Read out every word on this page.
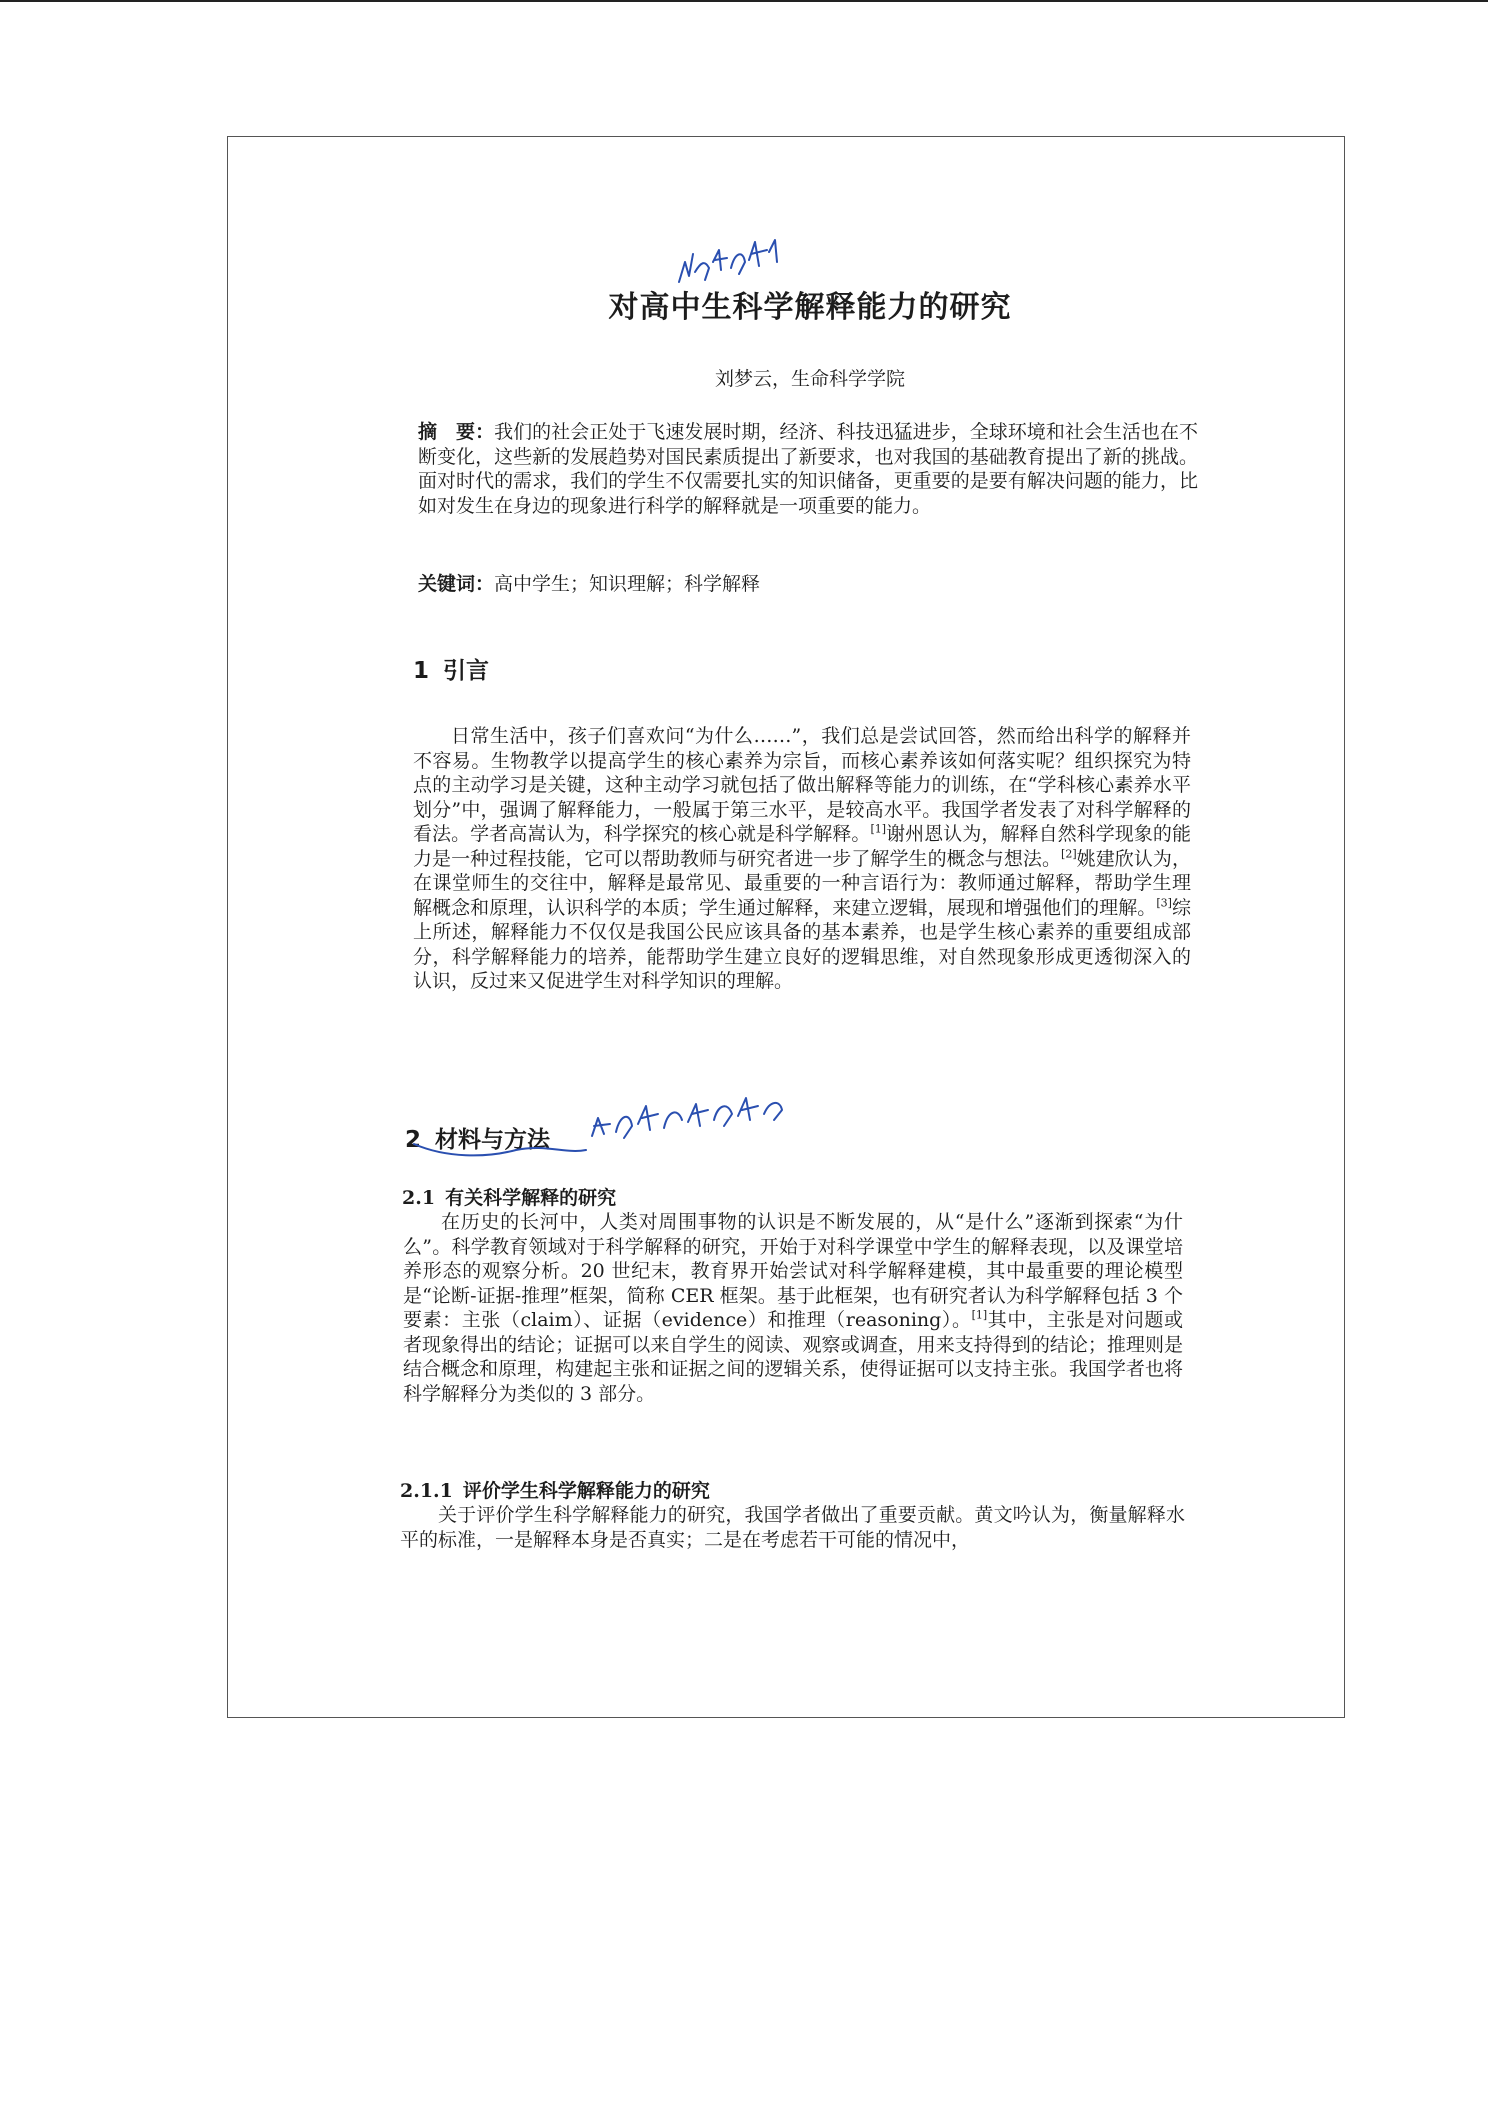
对高中生科学解释能力的研究
刘梦云，生命科学学院
摘　要：我们的社会正处于飞速发展时期，经济、科技迅猛进步，全球环境和社会生活也在不断变化，这些新的发展趋势对国民素质提出了新要求，也对我国的基础教育提出了新的挑战。面对时代的需求，我们的学生不仅需要扎实的知识储备，更重要的是要有解决问题的能力，比如对发生在身边的现象进行科学的解释就是一项重要的能力。
关键词：高中学生；知识理解；科学解释
1 引言
日常生活中，孩子们喜欢问“为什么……”，我们总是尝试回答，然而给出科学的解释并不容易。生物教学以提高学生的核心素养为宗旨，而核心素养该如何落实呢？组织探究为特点的主动学习是关键，这种主动学习就包括了做出解释等能力的训练，在“学科核心素养水平划分”中，强调了解释能力，一般属于第三水平，是较高水平。我国学者发表了对科学解释的看法。学者高嵩认为，科学探究的核心就是科学解释。[1]谢州恩认为，解释自然科学现象的能力是一种过程技能，它可以帮助教师与研究者进一步了解学生的概念与想法。[2]姚建欣认为，在课堂师生的交往中，解释是最常见、最重要的一种言语行为：教师通过解释，帮助学生理解概念和原理，认识科学的本质；学生通过解释，来建立逻辑，展现和增强他们的理解。[3]综上所述，解释能力不仅仅是我国公民应该具备的基本素养，也是学生核心素养的重要组成部分，科学解释能力的培养，能帮助学生建立良好的逻辑思维，对自然现象形成更透彻深入的认识，反过来又促进学生对科学知识的理解。
2 材料与方法
2.1 有关科学解释的研究
在历史的长河中，人类对周围事物的认识是不断发展的，从“是什么”逐渐到探索“为什么”。科学教育领域对于科学解释的研究，开始于对科学课堂中学生的解释表现，以及课堂培养形态的观察分析。20 世纪末，教育界开始尝试对科学解释建模，其中最重要的理论模型是“论断-证据-推理”框架，简称 CER 框架。基于此框架，也有研究者认为科学解释包括 3 个要素：主张（claim）、证据（evidence）和推理（reasoning）。[1]其中，主张是对问题或者现象得出的结论；证据可以来自学生的阅读、观察或调查，用来支持得到的结论；推理则是结合概念和原理，构建起主张和证据之间的逻辑关系，使得证据可以支持主张。我国学者也将科学解释分为类似的 3 部分。
2.1.1 评价学生科学解释能力的研究
关于评价学生科学解释能力的研究，我国学者做出了重要贡献。黄文吟认为，衡量解释水平的标准，一是解释本身是否真实；二是在考虑若干可能的情况中，
